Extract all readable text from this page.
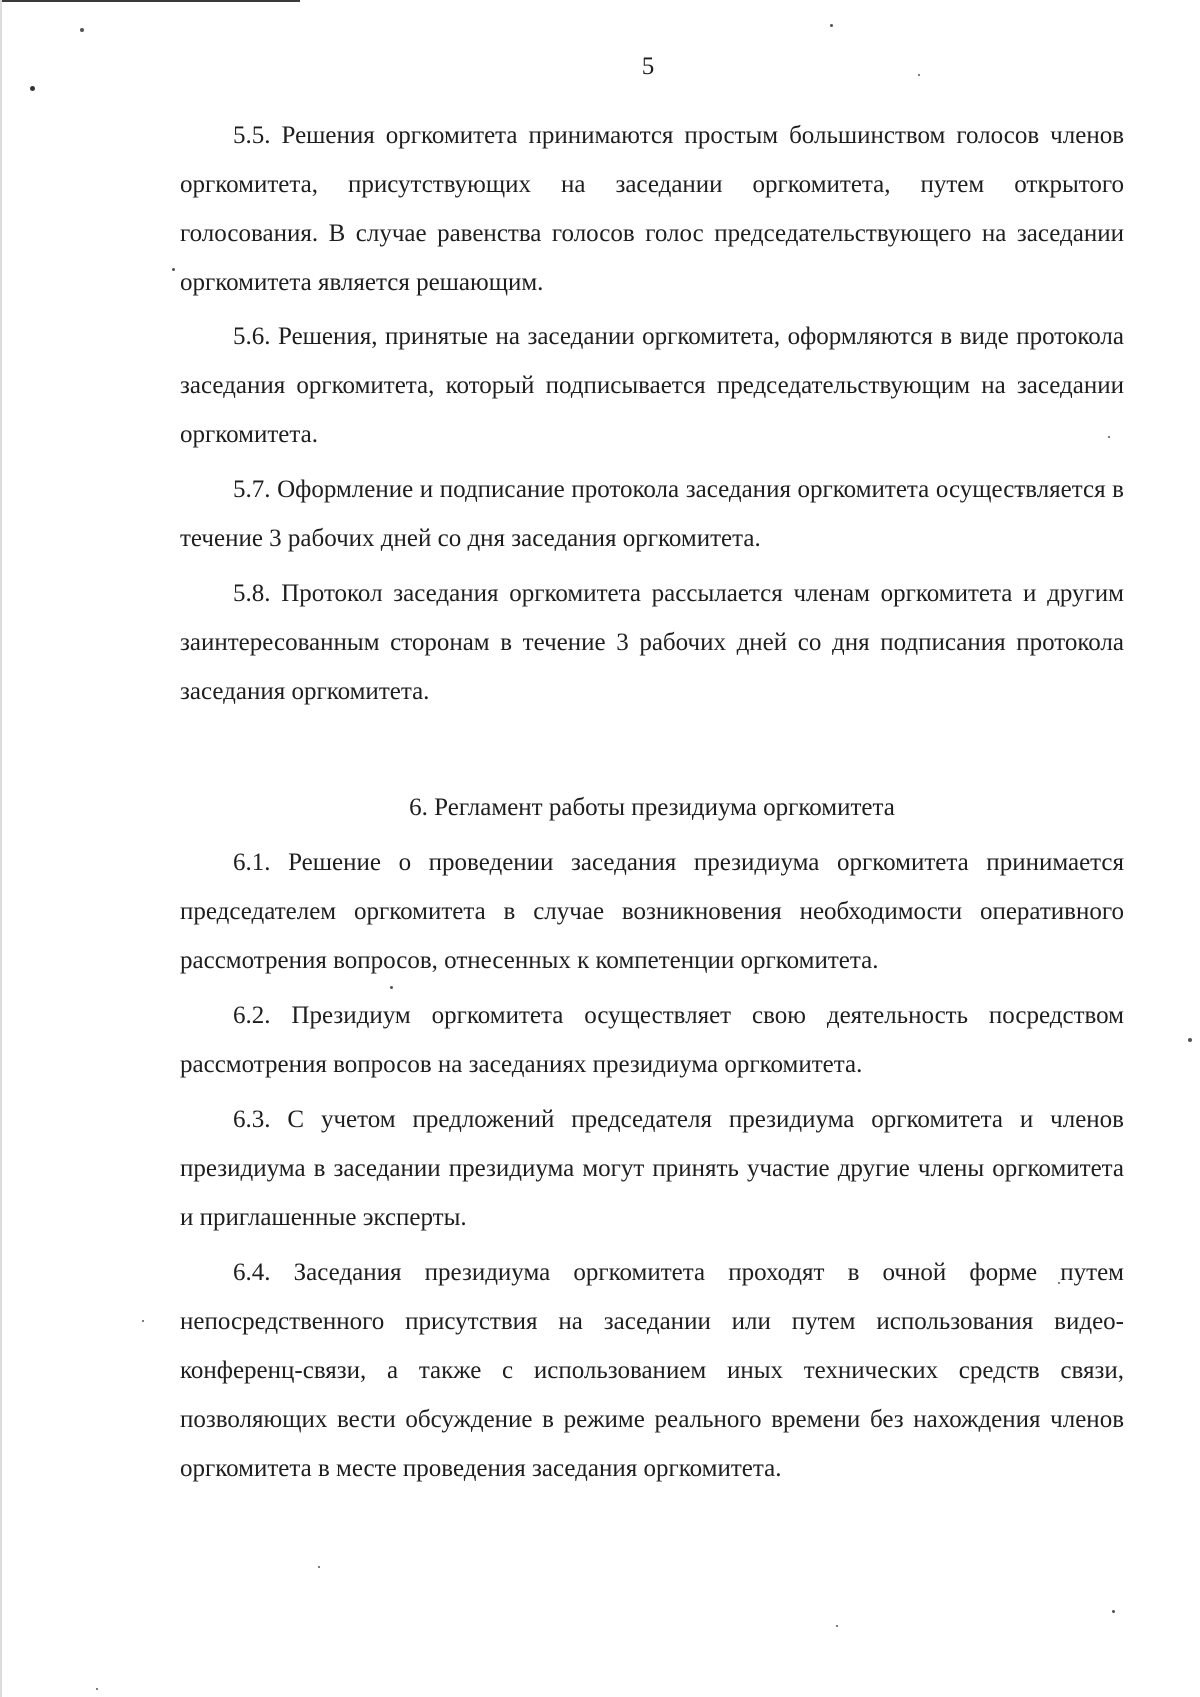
5

5.5. Решения оргкомитета принимаются простым большинством голосов членов оргкомитета, присутствующих на заседании оргкомитета, путем открытого голосования. В случае равенства голосов голос председательствующего на заседании оргкомитета является решающим.

5.6. Решения, принятые на заседании оргкомитета, оформляются в виде протокола заседания оргкомитета, который подписывается председательствующим на заседании оргкомитета.

5.7. Оформление и подписание протокола заседания оргкомитета осуществляется в течение 3 рабочих дней со дня заседания оргкомитета.

5.8. Протокол заседания оргкомитета рассылается членам оргкомитета и другим заинтересованным сторонам в течение 3 рабочих дней со дня подписания протокола заседания оргкомитета.

6. Регламент работы президиума оргкомитета

6.1. Решение о проведении заседания президиума оргкомитета принимается председателем оргкомитета в случае возникновения необходимости оперативного рассмотрения вопросов, отнесенных к компетенции оргкомитета.

6.2. Президиум оргкомитета осуществляет свою деятельность посредством рассмотрения вопросов на заседаниях президиума оргкомитета.

6.3. С учетом предложений председателя президиума оргкомитета и членов президиума в заседании президиума могут принять участие другие члены оргкомитета и приглашенные эксперты.

6.4. Заседания президиума оргкомитета проходят в очной форме путем непосредственного присутствия на заседании или путем использования видео-конференц-связи, а также с использованием иных технических средств связи, позволяющих вести обсуждение в режиме реального времени без нахождения членов оргкомитета в месте проведения заседания оргкомитета.
